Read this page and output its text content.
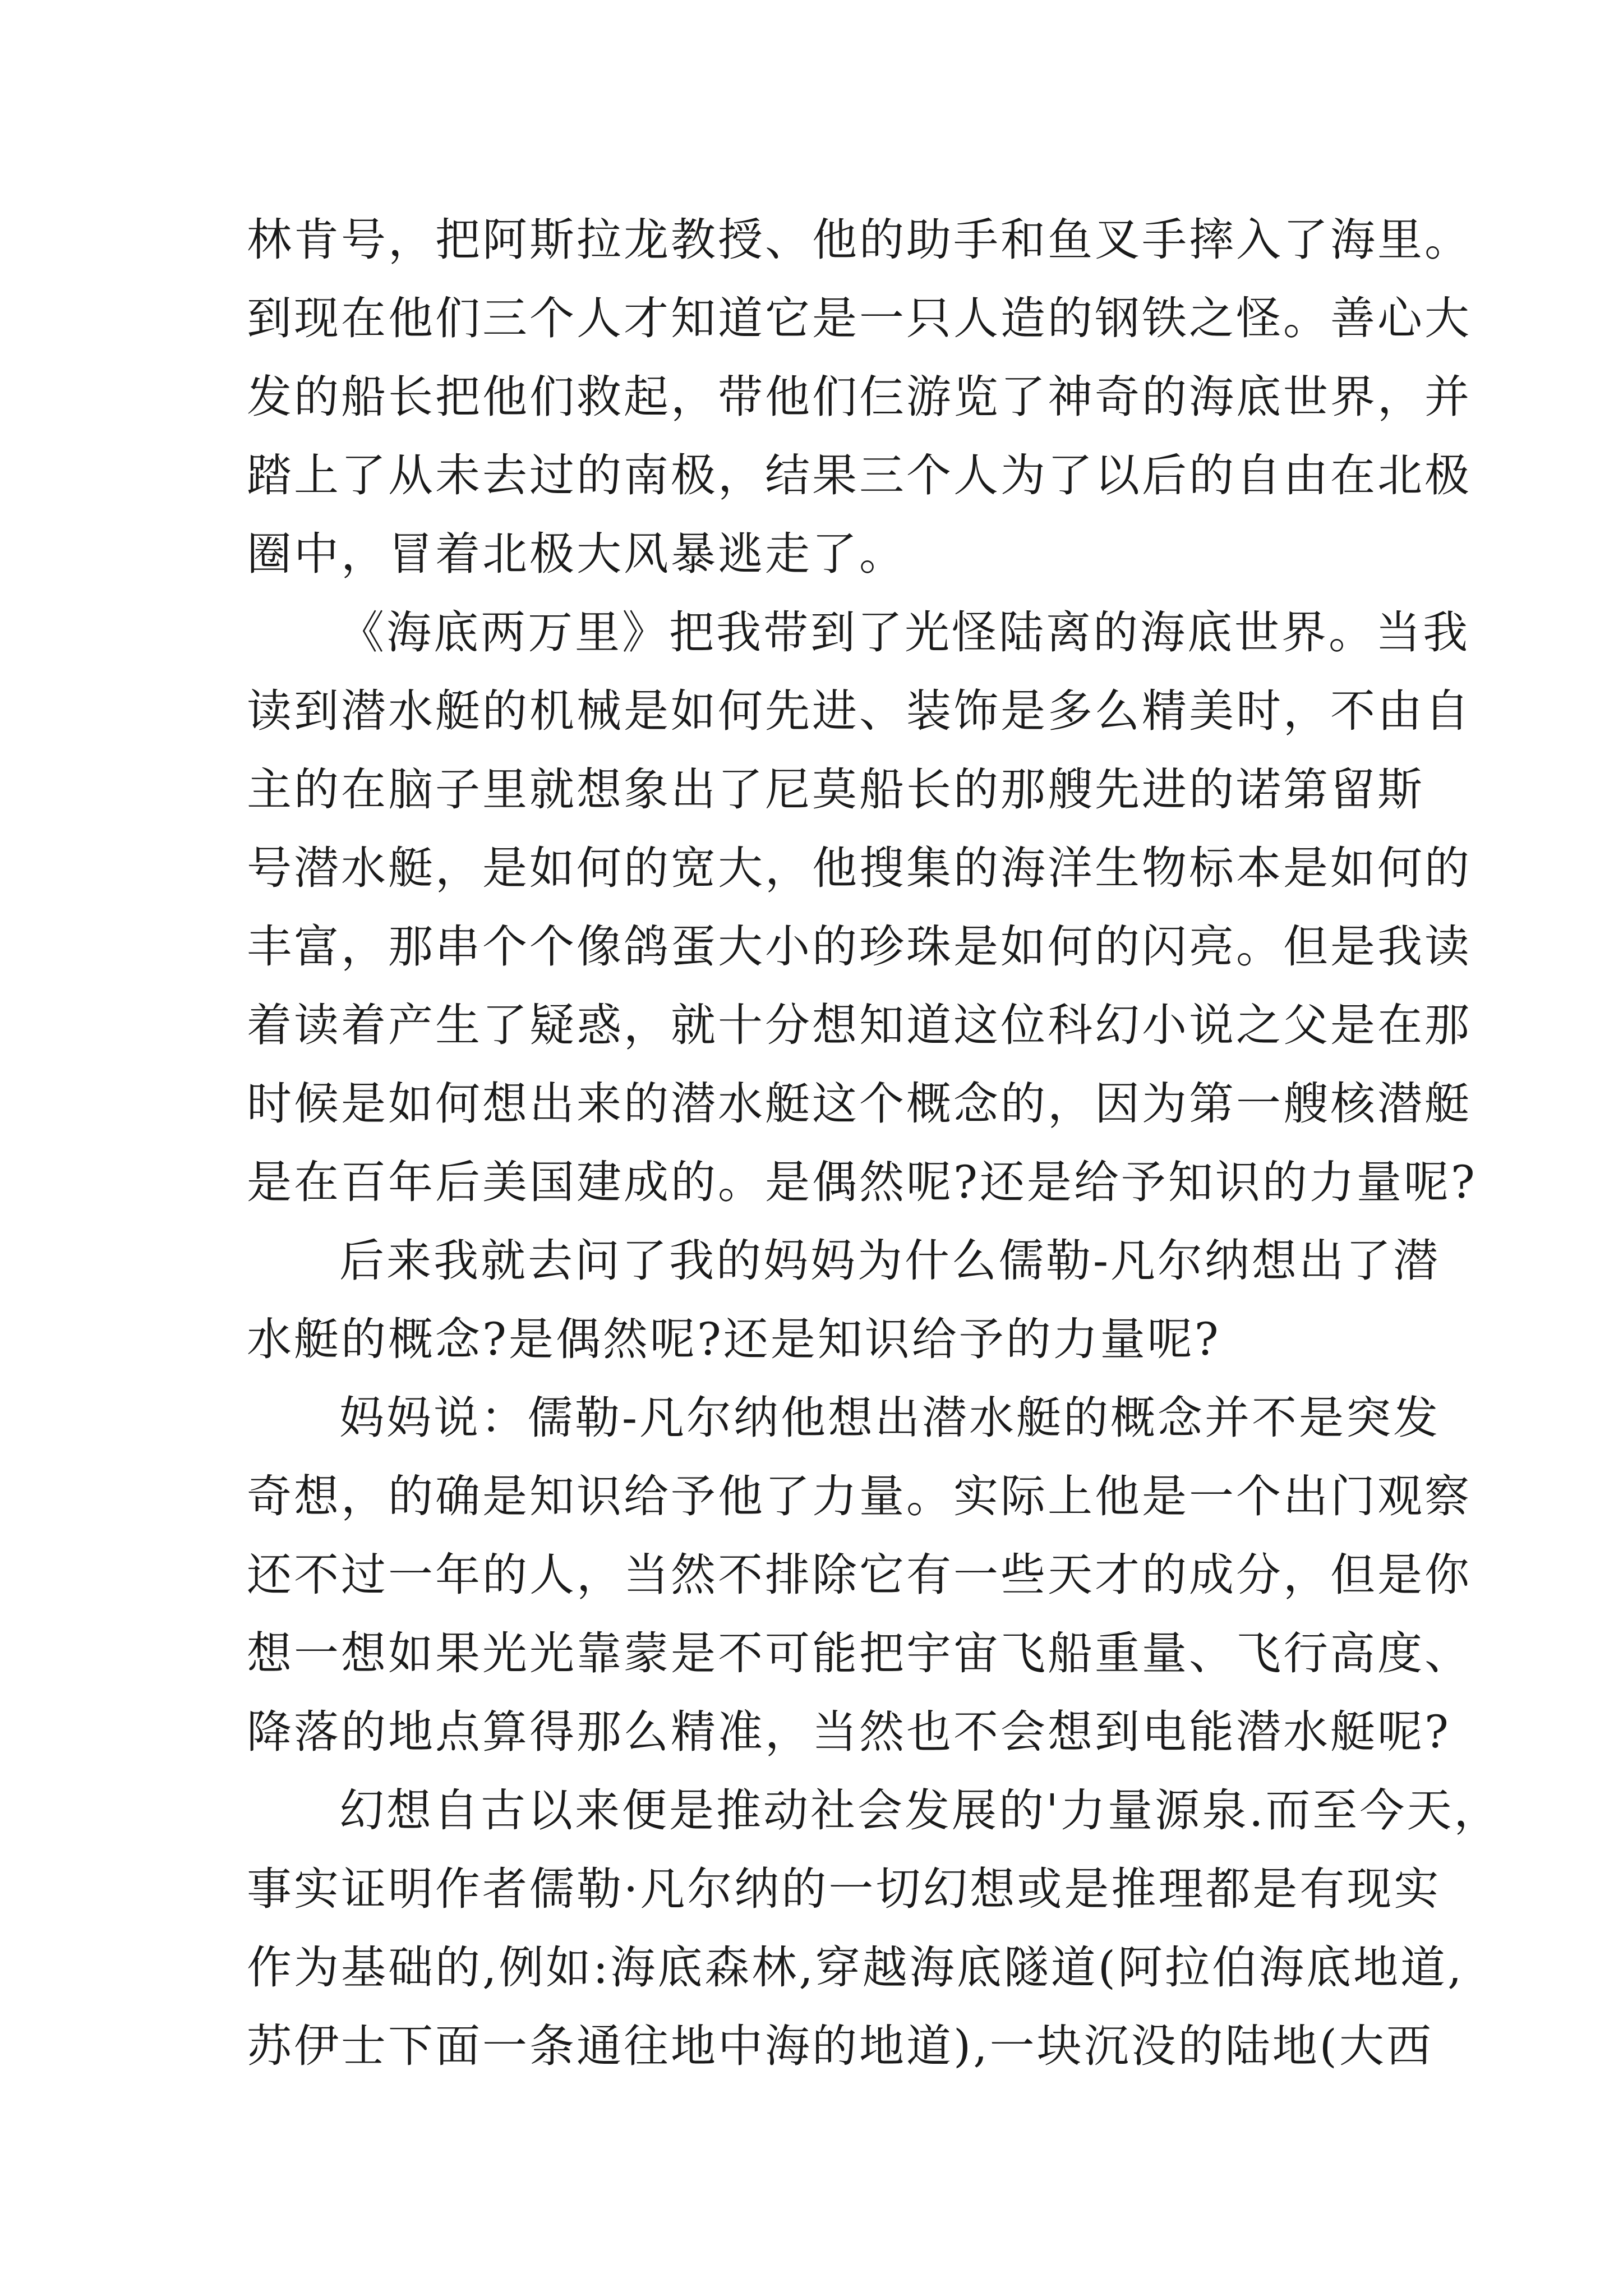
林肯号，把阿斯拉龙教授、他的助手和鱼叉手摔入了海里。
到现在他们三个人才知道它是一只人造的钢铁之怪。善心大
发的船长把他们救起，带他们仨游览了神奇的海底世界，并
踏上了从未去过的南极，结果三个人为了以后的自由在北极
圈中，冒着北极大风暴逃走了。
《海底两万里》把我带到了光怪陆离的海底世界。当我
读到潜水艇的机械是如何先进、装饰是多么精美时，不由自
主的在脑子里就想象出了尼莫船长的那艘先进的诺第留斯
号潜水艇，是如何的宽大，他搜集的海洋生物标本是如何的
丰富，那串个个像鸽蛋大小的珍珠是如何的闪亮。但是我读
着读着产生了疑惑，就十分想知道这位科幻小说之父是在那
时候是如何想出来的潜水艇这个概念的，因为第一艘核潜艇
是在百年后美国建成的。是偶然呢?还是给予知识的力量呢?
后来我就去问了我的妈妈为什么儒勒-凡尔纳想出了潜
水艇的概念?是偶然呢?还是知识给予的力量呢?
妈妈说：儒勒-凡尔纳他想出潜水艇的概念并不是突发
奇想，的确是知识给予他了力量。实际上他是一个出门观察
还不过一年的人，当然不排除它有一些天才的成分，但是你
想一想如果光光靠蒙是不可能把宇宙飞船重量、飞行高度、
降落的地点算得那么精准，当然也不会想到电能潜水艇呢?
幻想自古以来便是推动社会发展的'力量源泉.而至今天，
事实证明作者儒勒·凡尔纳的一切幻想或是推理都是有现实
作为基础的,例如:海底森林,穿越海底隧道(阿拉伯海底地道,
苏伊士下面一条通往地中海的地道),一块沉没的陆地(大西
